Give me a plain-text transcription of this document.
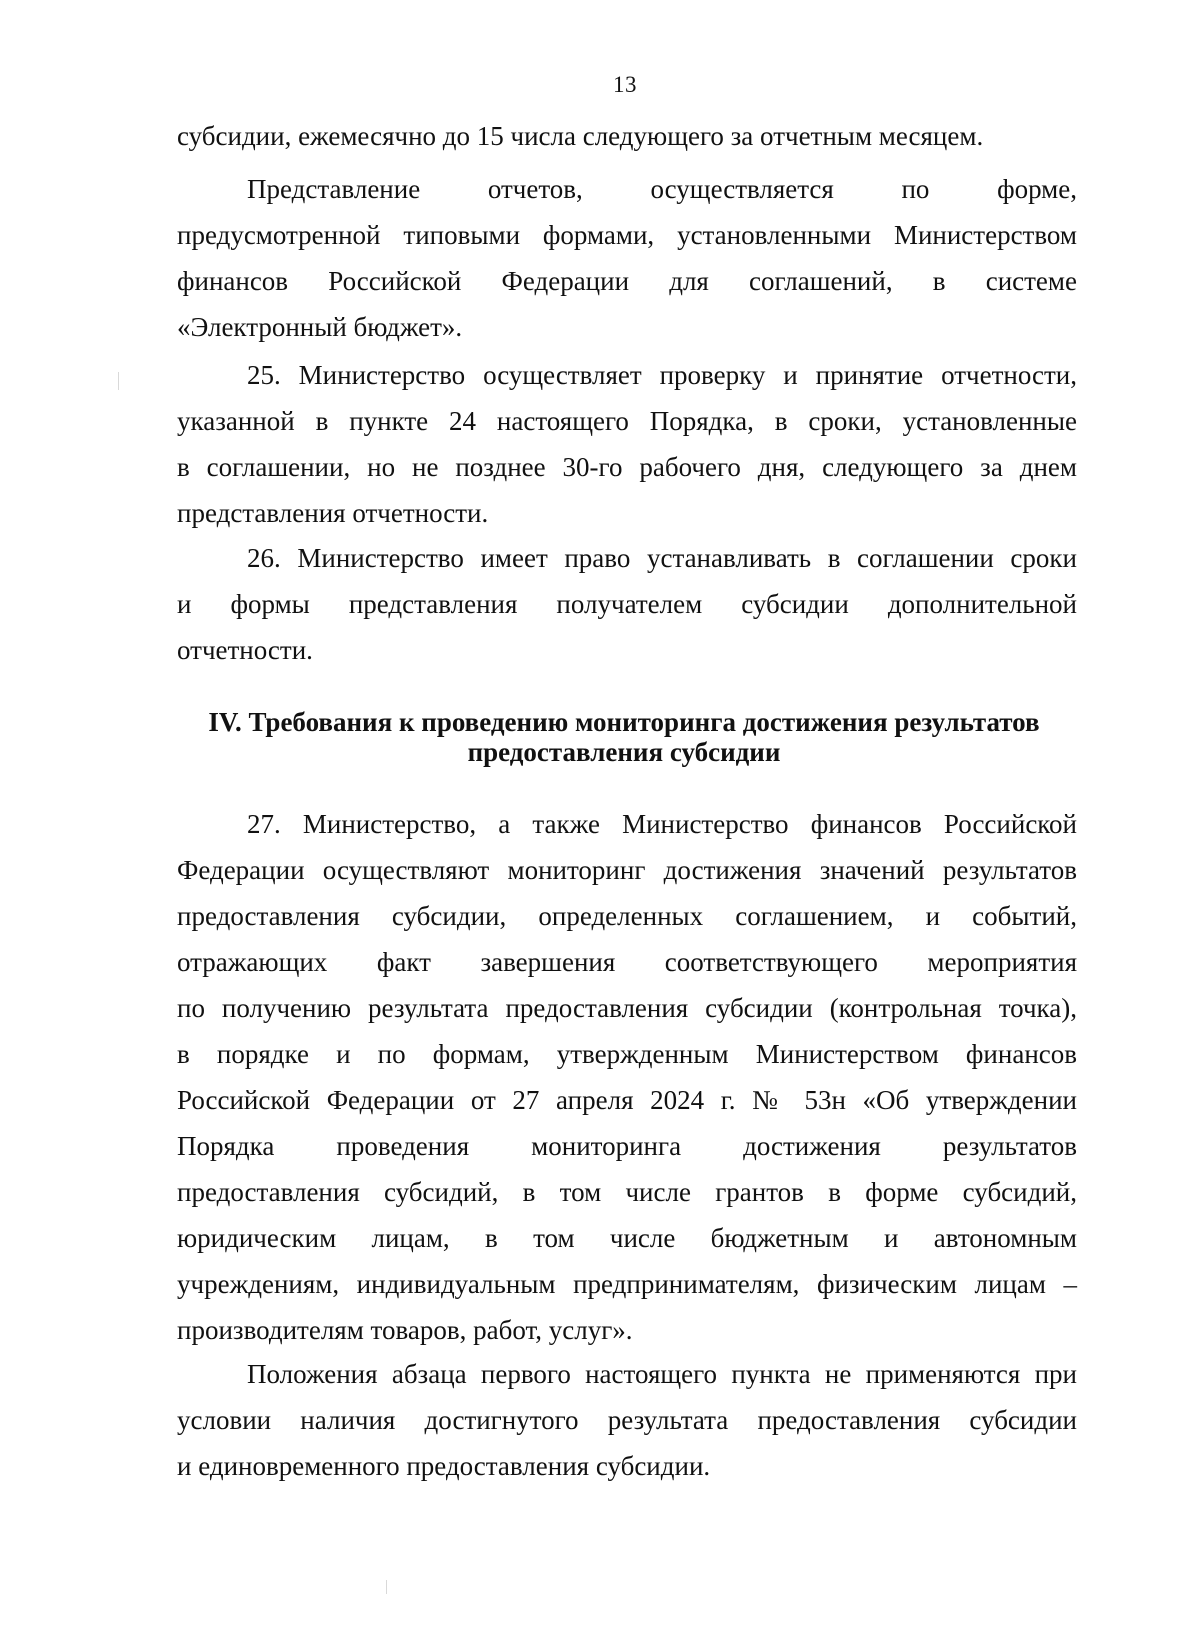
13
субсидии, ежемесячно до 15 числа следующего за отчетным месяцем.
Представление отчетов, осуществляется по форме,
предусмотренной типовыми формами, установленными Министерством
финансов Российской Федерации для соглашений, в системе
«Электронный бюджет».
25. Министерство осуществляет проверку и принятие отчетности,
указанной в пункте 24 настоящего Порядка, в сроки, установленные
в соглашении, но не позднее 30-го рабочего дня, следующего за днем
представления отчетности.
26. Министерство имеет право устанавливать в соглашении сроки
и формы представления получателем субсидии дополнительной
отчетности.
27. Министерство, а также Министерство финансов Российской
Федерации осуществляют мониторинг достижения значений результатов
предоставления субсидии, определенных соглашением, и событий,
отражающих факт завершения соответствующего мероприятия
по получению результата предоставления субсидии (контрольная точка),
в порядке и по формам, утвержденным Министерством финансов
Российской Федерации от 27 апреля 2024 г. № 53н «Об утверждении
Порядка проведения мониторинга достижения результатов
предоставления субсидий, в том числе грантов в форме субсидий,
юридическим лицам, в том числе бюджетным и автономным
учреждениям, индивидуальным предпринимателям, физическим лицам –
производителям товаров, работ, услуг».
Положения абзаца первого настоящего пункта не применяются при
условии наличия достигнутого результата предоставления субсидии
и единовременного предоставления субсидии.
IV. Требования к проведению мониторинга достижения результатов
предоставления субсидии
